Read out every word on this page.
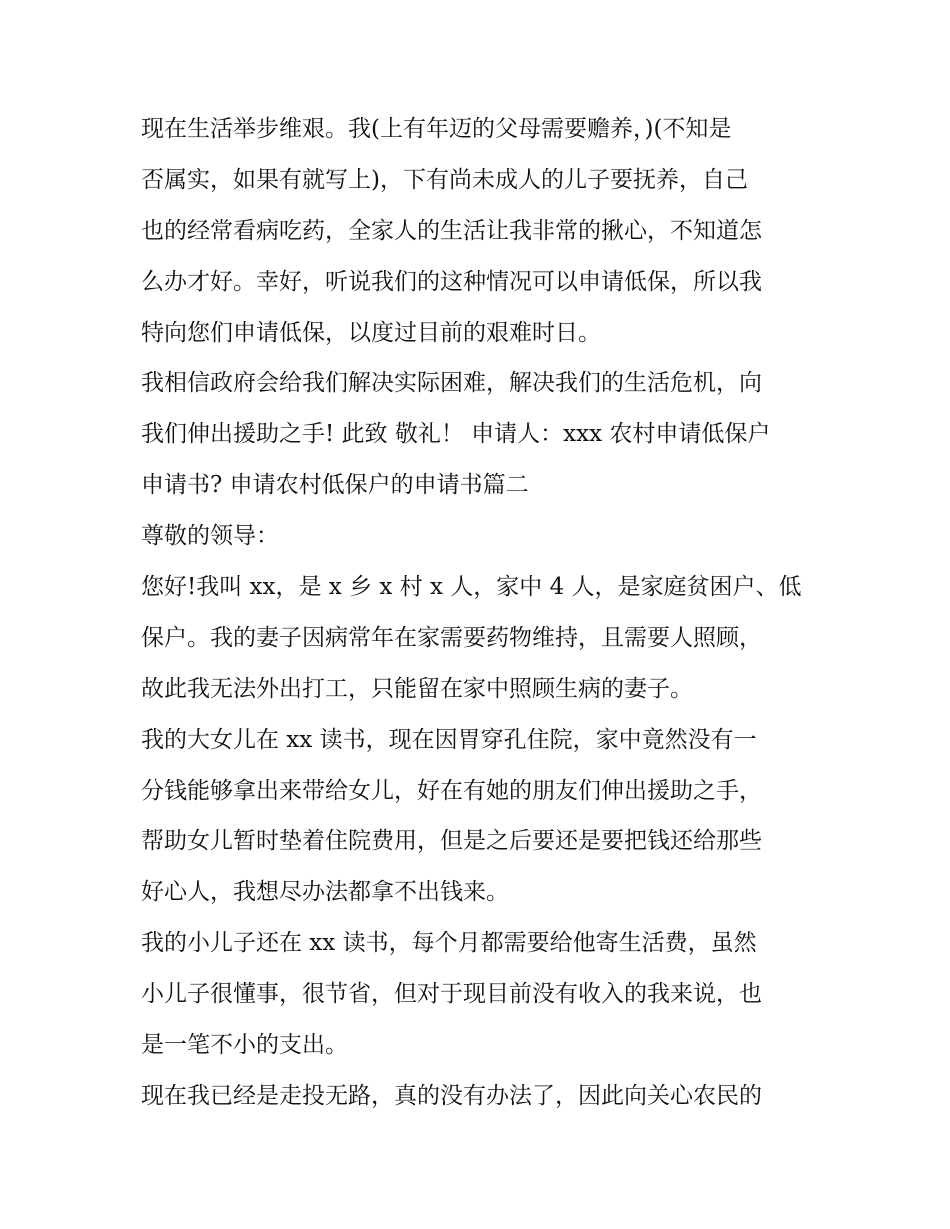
现在生活举步维艰。我(上有年迈的父母需要赡养，)(不知是
否属实，如果有就写上)，下有尚未成人的儿子要抚养，自己
也的经常看病吃药，全家人的生活让我非常的揪心，不知道怎
么办才好。幸好，听说我们的这种情况可以申请低保，所以我
特向您们申请低保，以度过目前的艰难时日。
我相信政府会给我们解决实际困难，解决我们的生活危机，向
我们伸出援助之手! 此致 敬礼！ 申请人：xxx 农村申请低保户
申请书? 申请农村低保户的申请书篇二
尊敬的领导：
您好!我叫 xx，是 x 乡 x 村 x 人，家中 4 人，是家庭贫困户、低
保户。我的妻子因病常年在家需要药物维持，且需要人照顾，
故此我无法外出打工，只能留在家中照顾生病的妻子。
我的大女儿在 xx 读书，现在因胃穿孔住院，家中竟然没有一
分钱能够拿出来带给女儿，好在有她的朋友们伸出援助之手，
帮助女儿暂时垫着住院费用，但是之后要还是要把钱还给那些
好心人，我想尽办法都拿不出钱来。
我的小儿子还在 xx 读书，每个月都需要给他寄生活费，虽然
小儿子很懂事，很节省，但对于现目前没有收入的我来说，也
是一笔不小的支出。
现在我已经是走投无路，真的没有办法了，因此向关心农民的
